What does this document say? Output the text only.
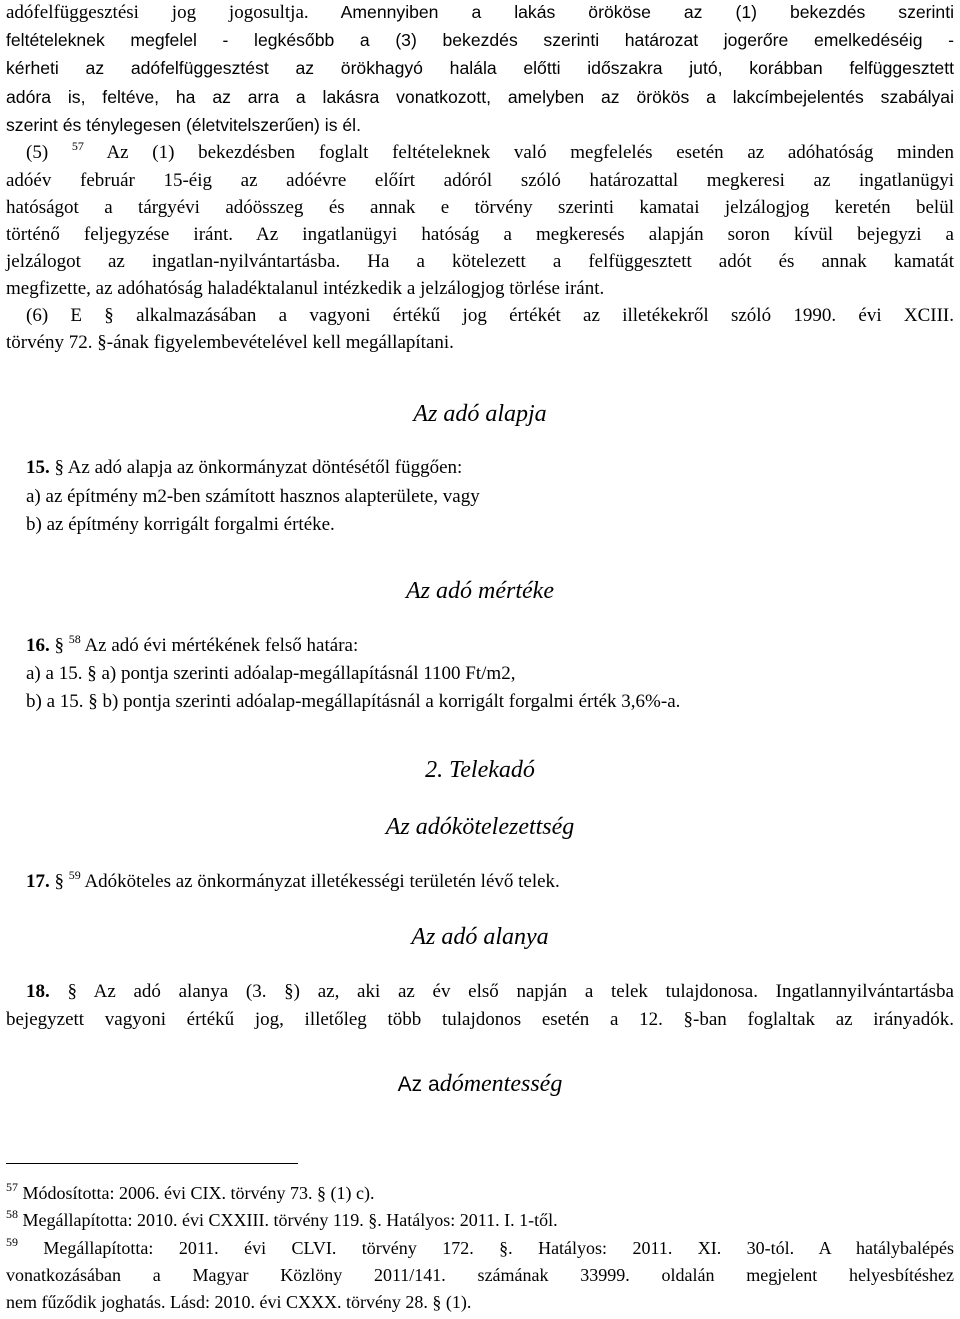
adófelfüggesztési jog jogosultja. Amennyiben a lakás örököse az (1) bekezdés szerinti
feltételeknek megfelel - legkésőbb a (3) bekezdés szerinti határozat jogerőre emelkedéséig -
kérheti az adófelfüggesztést az örökhagyó halála előtti időszakra jutó, korábban felfüggesztett
adóra is, feltéve, ha az arra a lakásra vonatkozott, amelyben az örökös a lakcímbejelentés szabályai
szerint és ténylegesen (életvitelszerűen) is él.
(5) $^{57}$ Az (1) bekezdésben foglalt feltételeknek való megfelelés esetén az adóhatóság minden
adóév február 15-éig az adóévre előírt adóról szóló határozattal megkeresi az ingatlanügyi
hatóságot a tárgyévi adóösszeg és annak e törvény szerinti kamatai jelzálogjog keretén belül
történő feljegyzése iránt. Az ingatlanügyi hatóság a megkeresés alapján soron kívül bejegyzi a
jelzálogot az ingatlan-nyilvántartásba. Ha a kötelezett a felfüggesztett adót és annak kamatát
megfizette, az adóhatóság haladéktalanul intézkedik a jelzálogjog törlése iránt.
(6) E § alkalmazásában a vagyoni értékű jog értékét az illetékekről szóló 1990. évi XCIII.
törvény 72. §-ának figyelembevételével kell megállapítani.
Az adó alapja
15. § Az adó alapja az önkormányzat döntésétől függően:
a) az építmény m2-ben számított hasznos alapterülete, vagy
b) az építmény korrigált forgalmi értéke.
Az adó mértéke
16. § $^{58}$ Az adó évi mértékének felső határa:
a) a 15. § a) pontja szerinti adóalap-megállapításnál 1100 Ft/m2,
b) a 15. § b) pontja szerinti adóalap-megállapításnál a korrigált forgalmi érték 3,6%-a.
2. Telekadó
Az adókötelezettség
17. § $^{59}$ Adóköteles az önkormányzat illetékességi területén lévő telek.
Az adó alanya
18. § Az adó alanya (3. §) az, aki az év első napján a telek tulajdonosa. Ingatlannyilvántartásba
bejegyzett vagyoni értékű jog, illetőleg több tulajdonos esetén a 12. §-ban foglaltak az irányadók.
Az adómentesség
$^{57}$ Módosította: 2006. évi CIX. törvény 73. § (1) c).
$^{58}$ Megállapította: 2010. évi CXXIII. törvény 119. §. Hatályos: 2011. I. 1-től.
$^{59}$ Megállapította: 2011. évi CLVI. törvény 172. §. Hatályos: 2011. XI. 30-tól. A hatálybalépés
vonatkozásában a Magyar Közlöny 2011/141. számának 33999. oldalán megjelent helyesbítéshez
nem fűződik joghatás. Lásd: 2010. évi CXXX. törvény 28. § (1).
